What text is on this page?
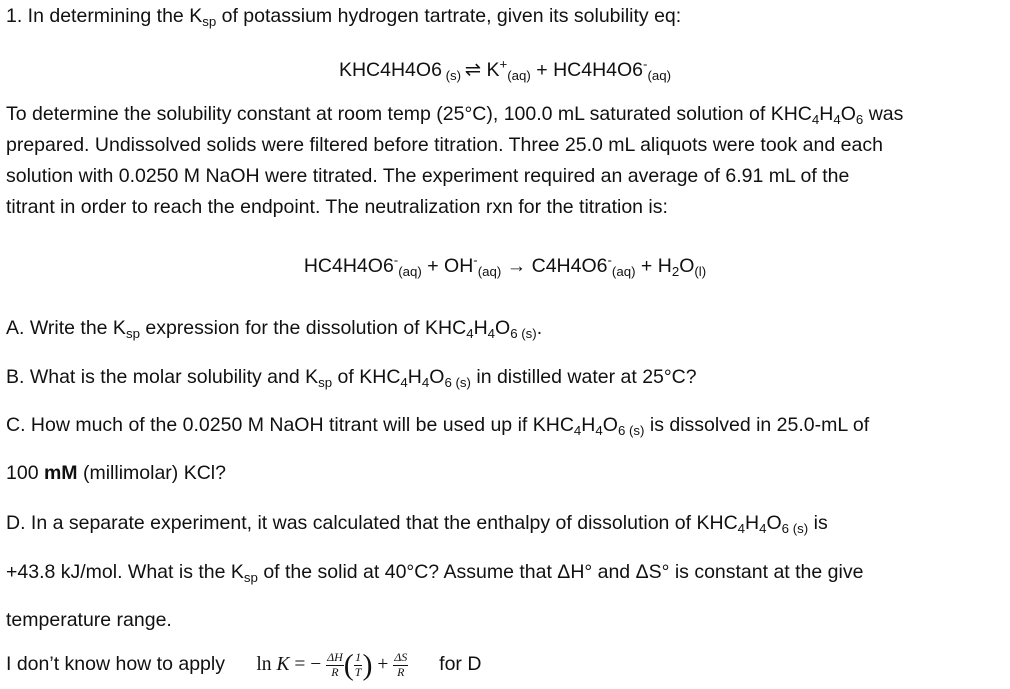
1. In determining the $K_{sp}$ of potassium hydrogen tartrate, given its solubility eq:
KHC4H4O6 $_{(s)}$ ⇌ $K^+_{(aq)} + HC4H4O6^-_{(aq)}$
To determine the solubility constant at room temp (25°C), 100.0 mL saturated solution of $KHC_4H_4O_6$ was
prepared. Undissolved solids were filtered before titration. Three 25.0 mL aliquots were took and each
solution with 0.0250 M NaOH were titrated. The experiment required an average of 6.91 mL of the
titrant in order to reach the endpoint. The neutralization rxn for the titration is:
$HC4H4O6^-_{(aq)} + OH^-_{(aq)} \to C4H4O6^-_{(aq)} + H_2O_{(l)}$
A. Write the $K_{sp}$ expression for the dissolution of $KHC_4H_4O_6$ $_{(s)}$.
B. What is the molar solubility and $K_{sp}$ of $KHC_4H_4O_6$ $_{(s)}$ in distilled water at 25°C?
C. How much of the 0.0250 M NaOH titrant will be used up if $KHC_4H_4O_6$ $_{(s)}$ is dissolved in 25.0-mL of
100 mM (millimolar) KCl?
D. In a separate experiment, it was calculated that the enthalpy of dissolution of $KHC_4H_4O_6$ $_{(s)}$ is
+43.8 kJ/mol. What is the $K_{sp}$ of the solid at 40°C? Assume that ΔH° and ΔS° is constant at the give
temperature range.
I don’t know how to apply ln K = − $\frac{\Delta H}{R}$ ( $\frac{1}{T}$ ) + $\frac{\Delta S}{R}$ for D
